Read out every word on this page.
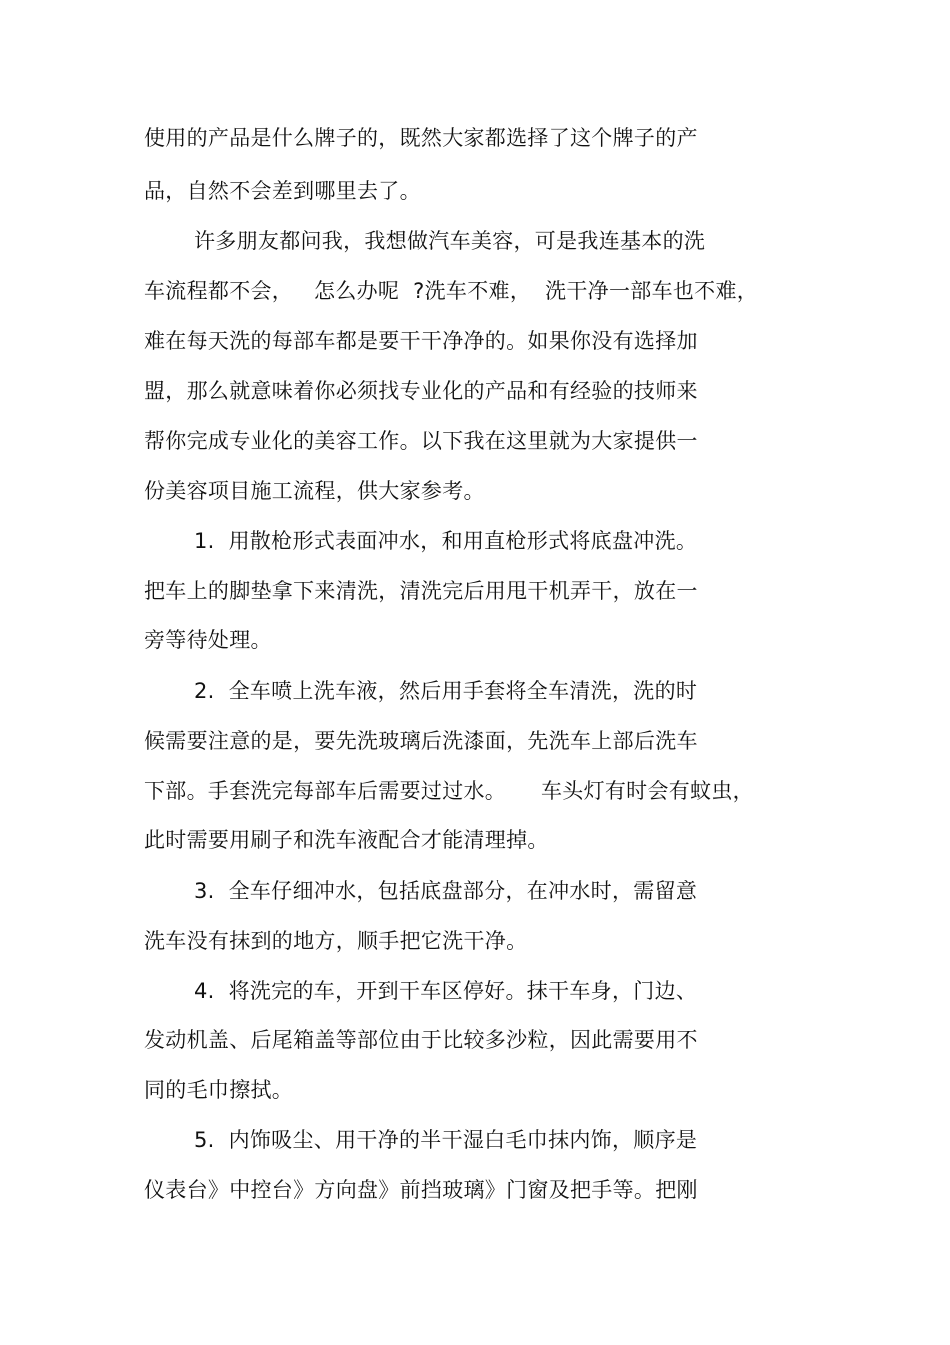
使用的产品是什么牌子的，既然大家都选择了这个牌子的产
品，自然不会差到哪里去了。
许多朋友都问我，我想做汽车美容，可是我连基本的洗
车流程都不会，   怎么办呢  ?洗车不难，  洗干净一部车也不难，
难在每天洗的每部车都是要干干净净的。如果你没有选择加
盟，那么就意味着你必须找专业化的产品和有经验的技师来
帮你完成专业化的美容工作。以下我在这里就为大家提供一
份美容项目施工流程，供大家参考。
1.  用散枪形式表面冲水，和用直枪形式将底盘冲洗。
把车上的脚垫拿下来清洗，清洗完后用甩干机弄干，放在一
旁等待处理。
2.  全车喷上洗车液，然后用手套将全车清洗，洗的时
候需要注意的是，要先洗玻璃后洗漆面，先洗车上部后洗车
下部。手套洗完每部车后需要过过水。     车头灯有时会有蚊虫，
此时需要用刷子和洗车液配合才能清理掉。
3.  全车仔细冲水，包括底盘部分，在冲水时，需留意
洗车没有抹到的地方，顺手把它洗干净。
4.  将洗完的车，开到干车区停好。抹干车身，门边、
发动机盖、后尾箱盖等部位由于比较多沙粒，因此需要用不
同的毛巾擦拭。
5.  内饰吸尘、用干净的半干湿白毛巾抹内饰，顺序是
仪表台》中控台》方向盘》前挡玻璃》门窗及把手等。把刚
